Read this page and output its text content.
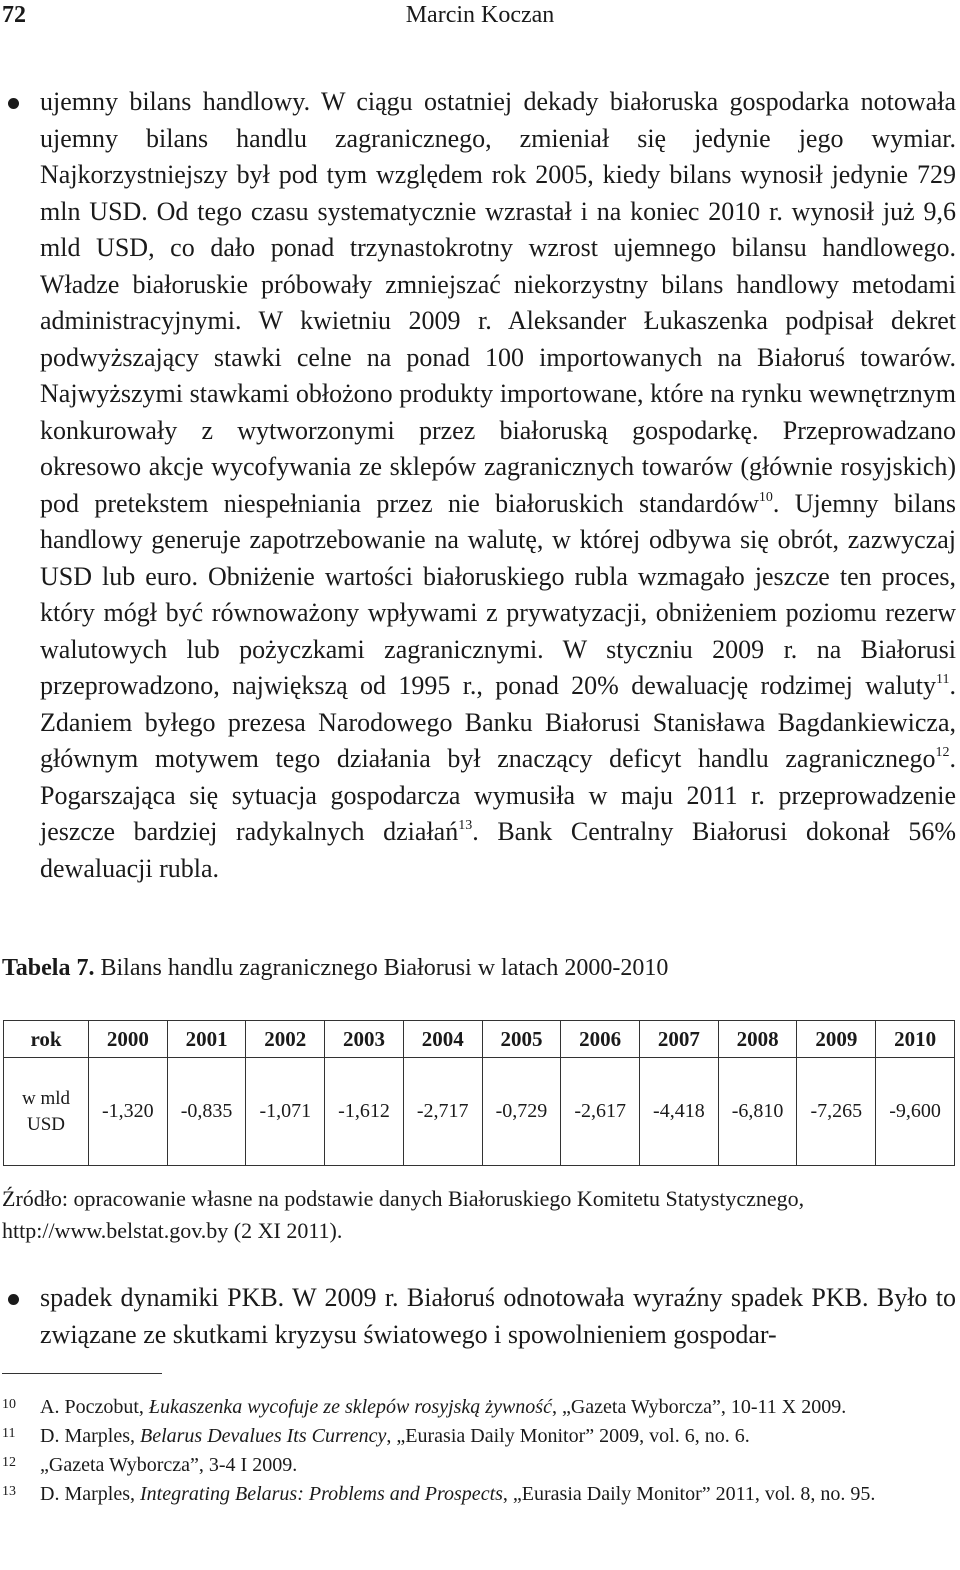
72	Marcin Koczan
ujemny bilans handlowy. W ciągu ostatniej dekady białoruska gospodarka notowała ujemny bilans handlu zagranicznego, zmieniał się jedynie jego wymiar. Najkorzystniejszy był pod tym względem rok 2005, kiedy bilans wynosił jedynie 729 mln USD. Od tego czasu systematycznie wzrastał i na koniec 2010 r. wynosił już 9,6 mld USD, co dało ponad trzynastokrotny wzrost ujemnego bilansu handlowego. Władze białoruskie próbowały zmniejszać niekorzystny bilans handlowy metodami administracyjnymi. W kwietniu 2009 r. Aleksander Łukaszenka podpisał dekret podwyższający stawki celne na ponad 100 importowanych na Białoruś towarów. Najwyższymi stawkami obłożono produkty importowane, które na rynku wewnętrznym konkurowały z wytworzonymi przez białoruską gospodarkę. Przeprowadzano okresowo akcje wycofywania ze sklepów zagranicznych towarów (głównie rosyjskich) pod pretekstem niespełniania przez nie białoruskich standardów$^{10}$. Ujemny bilans handlowy generuje zapotrzebowanie na walutę, w której odbywa się obrót, zazwyczaj USD lub euro. Obniżenie wartości białoruskiego rubla wzmagało jeszcze ten proces, który mógł być równoważony wpływami z prywatyzacji, obniżeniem poziomu rezerw walutowych lub pożyczkami zagranicznymi. W styczniu 2009 r. na Białorusi przeprowadzono, największą od 1995 r., ponad 20% dewaluację rodzimej waluty$^{11}$. Zdaniem byłego prezesa Narodowego Banku Białorusi Stanisława Bagdankiewicza, głównym motywem tego działania był znaczący deficyt handlu zagranicznego$^{12}$. Pogarszająca się sytuacja gospodarcza wymusiła w maju 2011 r. przeprowadzenie jeszcze bardziej radykalnych działań$^{13}$. Bank Centralny Białorusi dokonał 56% dewaluacji rubla.
Tabela 7. Bilans handlu zagranicznego Białorusi w latach 2000-2010
rok	2000	2001	2002	2003	2004	2005	2006	2007	2008	2009	2010
w mld USD	-1,320	-0,835	-1,071	-1,612	-2,717	-0,729	-2,617	-4,418	-6,810	-7,265	-9,600
Źródło: opracowanie własne na podstawie danych Białoruskiego Komitetu Statystycznego, http://www.belstat.gov.by (2 XI 2011).
spadek dynamiki PKB. W 2009 r. Białoruś odnotowała wyraźny spadek PKB. Było to związane ze skutkami kryzysu światowego i spowolnieniem gospodar-
10 A. Poczobut, Łukaszenka wycofuje ze sklepów rosyjską żywność, „Gazeta Wyborcza”, 10-11 X 2009.
11 D. Marples, Belarus Devalues Its Currency, „Eurasia Daily Monitor” 2009, vol. 6, no. 6.
12 „Gazeta Wyborcza”, 3-4 I 2009.
13 D. Marples, Integrating Belarus: Problems and Prospects, „Eurasia Daily Monitor” 2011, vol. 8, no. 95.
